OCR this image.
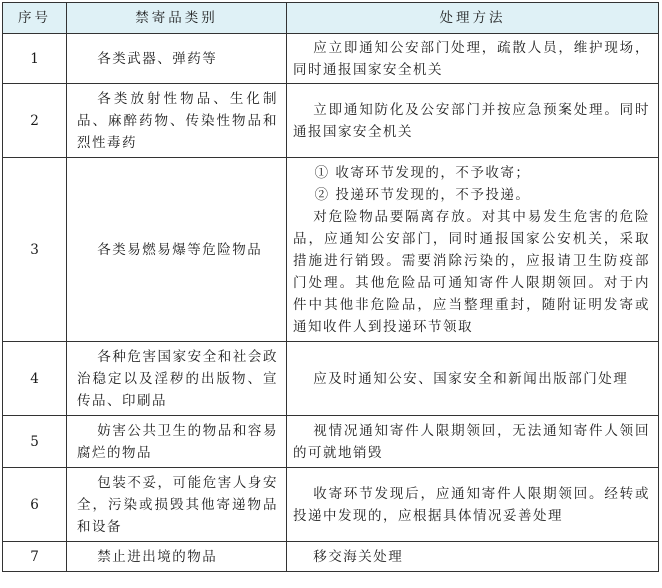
序号	禁寄品类别	处理方法
1	各类武器、弹药等	应立即通知公安部门处理，疏散人员，维护现场，同时通报国家安全机关

2	各类放射性物品、生化制品、麻醉药物、传染性物品和烈性毒药	立即通知防化及公安部门并按应急预案处理。同时通报国家安全机关

3	各类易燃易爆等危险物品	① 收寄环节发现的，不予收寄；
② 投递环节发现的，不予投递。
对危险物品要隔离存放。对其中易发生危害的危险品，应通知公安部门，同时通报国家公安机关，采取措施进行销毁。需要消除污染的，应报请卫生防疫部门处理。其他危险品可通知寄件人限期领回。对于内件中其他非危险品，应当整理重封，随附证明发寄或通知收件人到投递环节领取

4	各种危害国家安全和社会政治稳定以及淫秽的出版物、宣传品、印刷品	应及时通知公安、国家安全和新闻出版部门处理

5	妨害公共卫生的物品和容易腐烂的物品	视情况通知寄件人限期领回，无法通知寄件人领回的可就地销毁

6	包装不妥，可能危害人身安全，污染或损毁其他寄递物品和设备	收寄环节发现后，应通知寄件人限期领回。经转或投递中发现的，应根据具体情况妥善处理

7	禁止进出境的物品	移交海关处理
